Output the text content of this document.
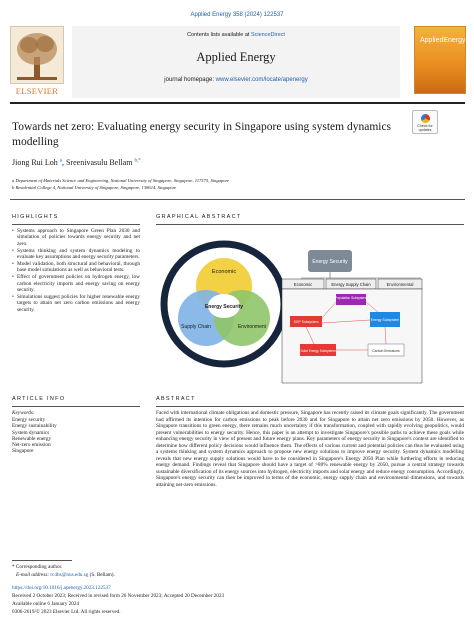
Applied Energy 358 (2024) 122537
ELSEVIER
Contents lists available at ScienceDirect
Applied Energy
journal homepage: www.elsevier.com/locate/apenergy
AppliedEnergy
Towards net zero: Evaluating energy security in Singapore using system dynamics modelling
Check for updates
Jiong Rui Loh $^a$, Sreenivasulu Bellam $^{b,*}$
a Department of Materials Science and Engineering, National University of Singapore, Singapore, 117575, Singapore
b Residential College 4, National University of Singapore, Singapore, 138614, Singapore
HIGHLIGHTS
• Systems approach to Singapore Green Plan 2030 and simulation of policies towards energy security and net zero.
• Systems thinking and system dynamics modeling to evaluate key assumptions and energy security parameters.
• Model validation, both structural and behavioral, through base model simulations as well as behavioral tests.
• Effect of government policies on hydrogen energy, low carbon electricity imports and energy saving on energy security.
• Simulations suggest policies for higher renewable energy targets to attain net zero carbon emissions and energy security.
GRAPHICAL ABSTRACT
Economic
Supply Chain	Environment
Energy Security
Energy Security
Economic	Energy Supply Chain	Environmental
Population Subsystem
SGP Subsystem	Energy Subsystem
Solar Energy Subsystem	Carbon Emissions
ARTICLE INFO
Keywords:
Energy security
Energy sustainability
System dynamics
Renewable energy
Net-zero emission
Singapore
ABSTRACT
Faced with international climate obligations and domestic pressure, Singapore has recently raised its climate goals significantly. The government had affirmed its intention for carbon emissions to peak before 2030 and for Singapore to attain net zero emissions by 2050. However, as Singapore transitions to green energy, there remains much uncertainty if this transformation, coupled with rapidly evolving geopolitics, would present vulnerabilities to energy security. Hence, this paper is an attempt to investigate Singapore's possible paths to achieve these goals while enhancing energy security in view of present and future energy plans. Key parameters of energy security in Singapore's context are identified to determine how different policy decisions would influence them. The effects of various current and potential policies can thus be evaluated using a systems thinking and system dynamics approach to propose new energy solutions to improve energy security. System dynamics modelling reveals that new energy supply solutions would have to be considered in Singapore's Energy 2050 Plan while furthering efforts in reducing energy demand. Findings reveal that Singapore should have a target of >80% renewable energy by 2050, pursue a central strategy towards sustainable diversification of its energy sources into hydrogen, electricity imports and solar energy and reduce energy consumption. Accordingly, Singapore's energy security can then be improved in terms of the economic, energy supply chain and environmental dimensions, and towards attaining net-zero emissions.
* Corresponding author.
E-mail address: rc4bs@nus.edu.sg (S. Bellam).
https://doi.org/10.1016/j.apenergy.2023.122537
Received 2 October 2023; Received in revised form 26 November 2023; Accepted 20 December 2023
Available online 6 January 2024
0306-2619/© 2023 Elsevier Ltd. All rights reserved.
